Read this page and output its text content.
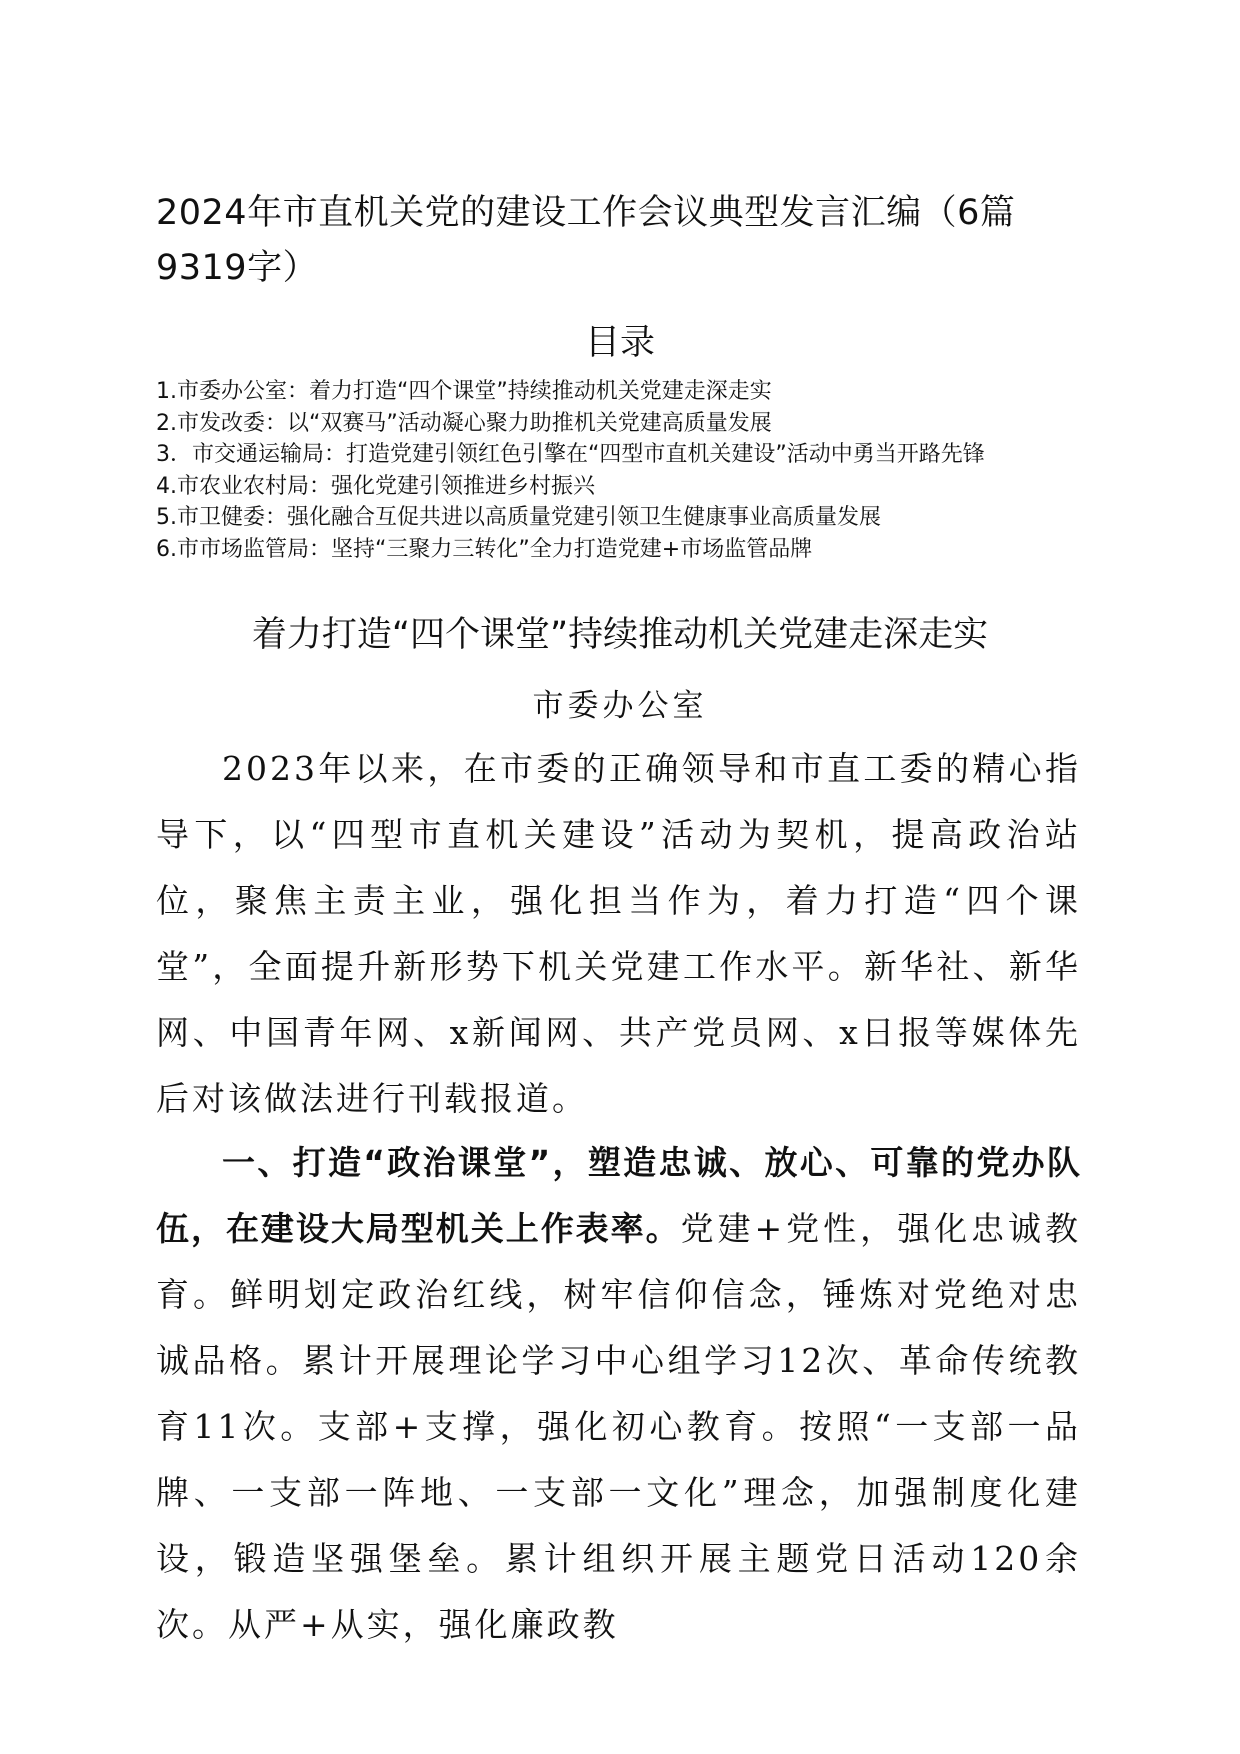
2024年市直机关党的建设工作会议典型发言汇编（6篇9319字）
目录
1.市委办公室：着力打造“四个课堂”持续推动机关党建走深走实
2.市发改委：以“双赛马”活动凝心聚力助推机关党建高质量发展
3．市交通运输局：打造党建引领红色引擎在“四型市直机关建设”活动中勇当开路先锋
4.市农业农村局：强化党建引领推进乡村振兴
5.市卫健委：强化融合互促共进以高质量党建引领卫生健康事业高质量发展
6.市市场监管局：坚持“三聚力三转化”全力打造党建+市场监管品牌
着力打造“四个课堂”持续推动机关党建走深走实

市委办公室

2023年以来，在市委的正确领导和市直工委的精心指导下，以“四型市直机关建设”活动为契机，提高政治站位，聚焦主责主业，强化担当作为，着力打造“四个课堂”，全面提升新形势下机关党建工作水平。新华社、新华网、中国青年网、x新闻网、共产党员网、x日报等媒体先后对该做法进行刊载报道。

一、打造“政治课堂”，塑造忠诚、放心、可靠的党办队伍，在建设大局型机关上作表率。党建+党性，强化忠诚教育。鲜明划定政治红线，树牢信仰信念，锤炼对党绝对忠诚品格。累计开展理论学习中心组学习12次、革命传统教育11次。支部+支撑，强化初心教育。按照“一支部一品牌、一支部一阵地、一支部一文化”理念，加强制度化建设，锻造坚强堡垒。累计组织开展主题党日活动120余次。从严+从实，强化廉政教
